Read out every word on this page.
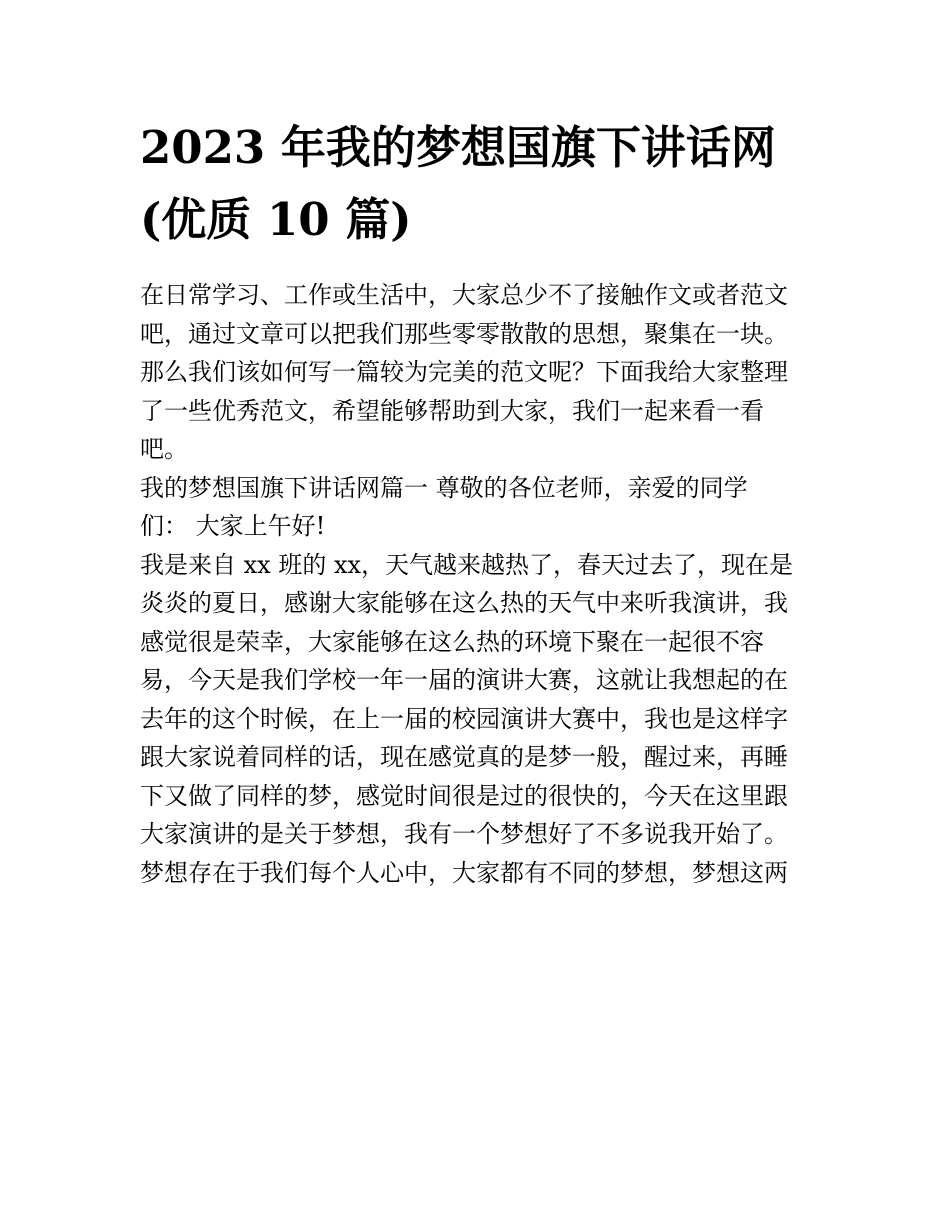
2023 年我的梦想国旗下讲话网
(优质 10 篇)

在日常学习、工作或生活中，大家总少不了接触作文或者范文
吧，通过文章可以把我们那些零零散散的思想，聚集在一块。
那么我们该如何写一篇较为完美的范文呢？下面我给大家整理
了一些优秀范文，希望能够帮助到大家，我们一起来看一看
吧。

我的梦想国旗下讲话网篇一 尊敬的各位老师，亲爱的同学
们： 大家上午好!

我是来自 xx 班的 xx，天气越来越热了，春天过去了，现在是
炎炎的夏日，感谢大家能够在这么热的天气中来听我演讲，我
感觉很是荣幸，大家能够在这么热的环境下聚在一起很不容
易，今天是我们学校一年一届的演讲大赛，这就让我想起的在
去年的这个时候，在上一届的校园演讲大赛中，我也是这样字
跟大家说着同样的话，现在感觉真的是梦一般，醒过来，再睡
下又做了同样的梦，感觉时间很是过的很快的，今天在这里跟
大家演讲的是关于梦想，我有一个梦想好了不多说我开始了。
梦想存在于我们每个人心中，大家都有不同的梦想，梦想这两
